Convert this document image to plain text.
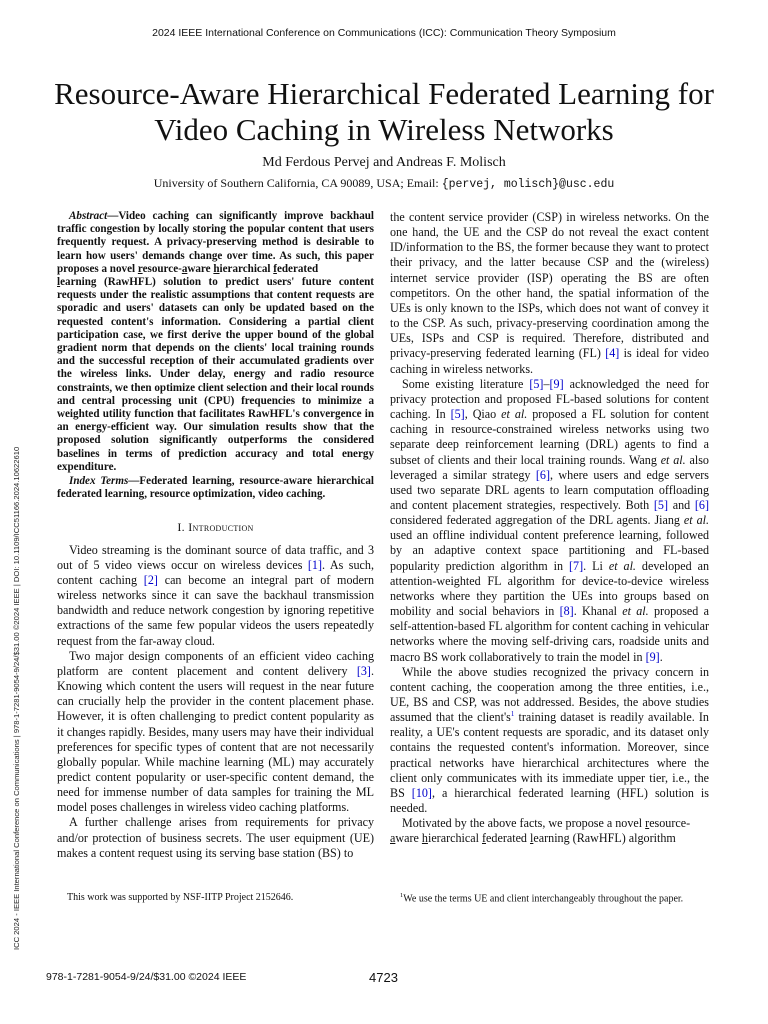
2024 IEEE International Conference on Communications (ICC): Communication Theory Symposium
ICC 2024 - IEEE International Conference on Communications | 978-1-7281-9054-9/24/$31.00 ©2024 IEEE | DOI: 10.1109/ICC51166.2024.10622610
Resource-Aware Hierarchical Federated Learning for Video Caching in Wireless Networks
Md Ferdous Pervej and Andreas F. Molisch
University of Southern California, CA 90089, USA; Email: {pervej, molisch}@usc.edu

Abstract—Video caching can significantly improve backhaul traffic congestion by locally storing the popular content that users frequently request. A privacy-preserving method is desirable to learn how users' demands change over time. As such, this paper proposes a novel resource-aware hierarchical federated
learning (RawHFL) solution to predict users' future content requests under the realistic assumptions that content requests are sporadic and users' datasets can only be updated based on the requested content's information. Considering a partial client participation case, we first derive the upper bound of the global gradient norm that depends on the clients' local training rounds and the successful reception of their accumulated gradients over the wireless links. Under delay, energy and radio resource constraints, we then optimize client selection and their local rounds and central processing unit (CPU) frequencies to minimize a weighted utility function that facilitates RawHFL's convergence in an energy-efficient way. Our simulation results show that the proposed solution significantly outperforms the considered baselines in terms of prediction accuracy and total energy expenditure.

Index Terms—Federated learning, resource-aware hierarchical federated learning, resource optimization, video caching.

I. Introduction

Video streaming is the dominant source of data traffic, and 3 out of 5 video views occur on wireless devices [1]. As such, content caching [2] can become an integral part of modern wireless networks since it can save the backhaul transmission bandwidth and reduce network congestion by ignoring repetitive extractions of the same few popular videos the users repeatedly request from the far-away cloud.

Two major design components of an efficient video caching platform are content placement and content delivery [3]. Knowing which content the users will request in the near future can crucially help the provider in the content placement phase. However, it is often challenging to predict content popularity as it changes rapidly. Besides, many users may have their individual preferences for specific types of content that are not necessarily globally popular. While machine learning (ML) may accurately predict content popularity or user-specific content demand, the need for immense number of data samples for training the ML model poses challenges in wireless video caching platforms.

A further challenge arises from requirements for privacy and/or protection of business secrets. The user equipment (UE) makes a content request using its serving base station (BS) to

the content service provider (CSP) in wireless networks. On the one hand, the UE and the CSP do not reveal the exact content ID/information to the BS, the former because they want to protect their privacy, and the latter because CSP and the (wireless) internet service provider (ISP) operating the BS are often competitors. On the other hand, the spatial information of the UEs is only known to the ISPs, which does not want of convey it to the CSP. As such, privacy-preserving coordination among the UEs, ISPs and CSP is required. Therefore, distributed and privacy-preserving federated learning (FL) [4] is ideal for video caching in wireless networks.

Some existing literature [5]–[9] acknowledged the need for privacy protection and proposed FL-based solutions for content caching. In [5], Qiao et al. proposed a FL solution for content caching in resource-constrained wireless networks using two separate deep reinforcement learning (DRL) agents to find a subset of clients and their local training rounds. Wang et al. also leveraged a similar strategy [6], where users and edge servers used two separate DRL agents to learn computation offloading and content placement strategies, respectively. Both [5] and [6] considered federated aggregation of the DRL agents. Jiang et al. used an offline individual content preference learning, followed by an adaptive context space partitioning and FL-based popularity prediction algorithm in [7]. Li et al. developed an attention-weighted FL algorithm for device-to-device wireless networks where they partition the UEs into groups based on mobility and social behaviors in [8]. Khanal et al. proposed a self-attention-based FL algorithm for content caching in vehicular networks where the moving self-driving cars, roadside units and macro BS work collaboratively to train the model in [9].

While the above studies recognized the privacy concern in content caching, the cooperation among the three entities, i.e., UE, BS and CSP, was not addressed. Besides, the above studies assumed that the client's$^1$ training dataset is readily available. In reality, a UE's content requests are sporadic, and its dataset only contains the requested content's information. Moreover, since practical networks have hierarchical architectures where the client only communicates with its immediate upper tier, i.e., the BS [10], a hierarchical federated learning (HFL) solution is needed.

Motivated by the above facts, we propose a novel resource-
aware hierarchical federated learning (RawHFL) algorithm

This work was supported by NSF-IITP Project 2152646.	$^1$We use the terms UE and client interchangeably throughout the paper.
978-1-7281-9054-9/24/$31.00 ©2024 IEEE	4723
